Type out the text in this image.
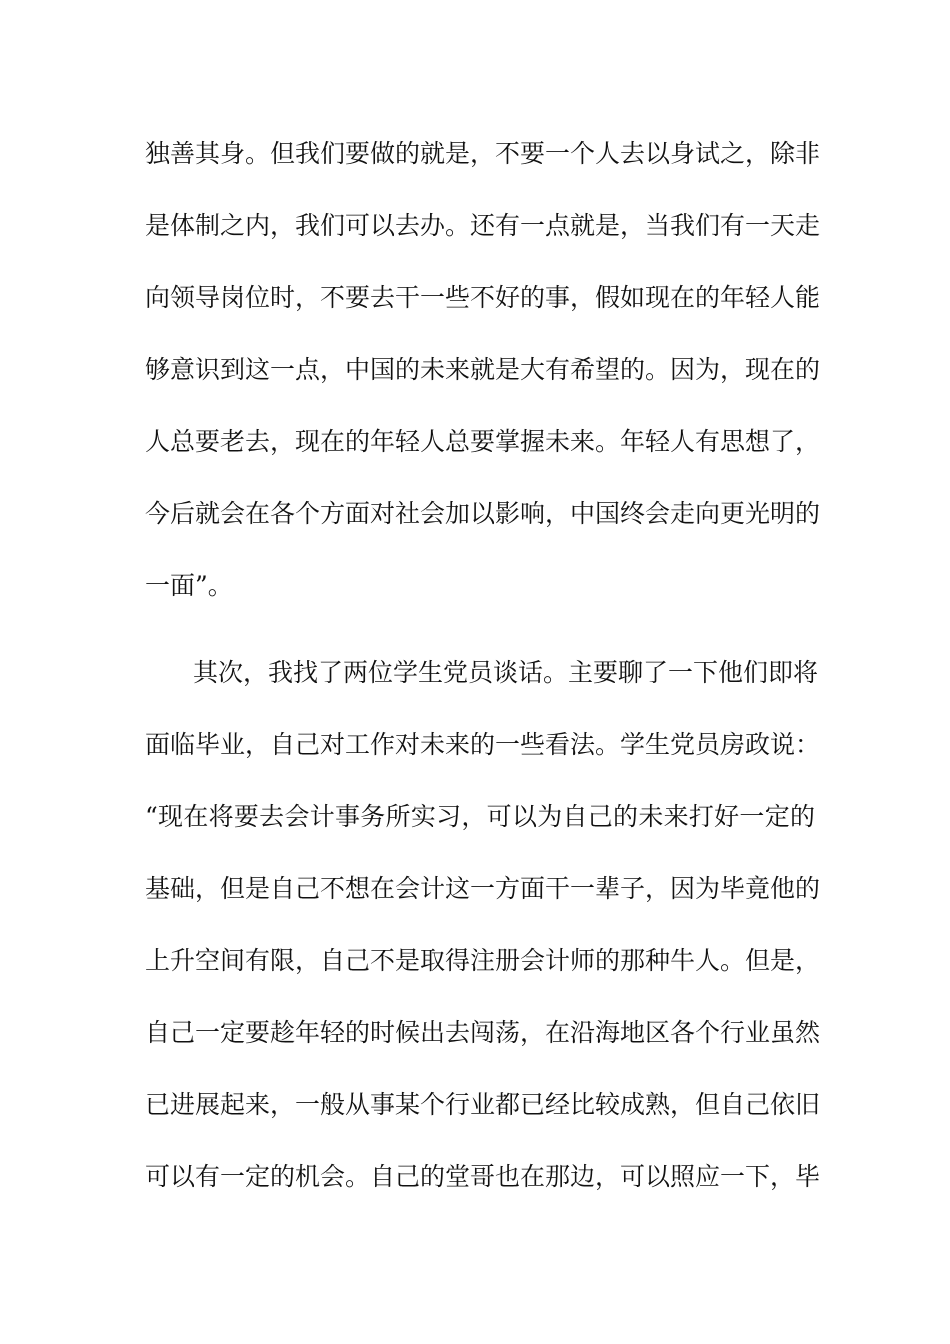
独善其身。但我们要做的就是，不要一个人去以身试之，除非
是体制之内，我们可以去办。还有一点就是，当我们有一天走
向领导岗位时，不要去干一些不好的事，假如现在的年轻人能
够意识到这一点，中国的未来就是大有希望的。因为，现在的
人总要老去，现在的年轻人总要掌握未来。年轻人有思想了，
今后就会在各个方面对社会加以影响，中国终会走向更光明的
一面”。
其次，我找了两位学生党员谈话。主要聊了一下他们即将
面临毕业，自己对工作对未来的一些看法。学生党员房政说：
“现在将要去会计事务所实习，可以为自己的未来打好一定的
基础，但是自己不想在会计这一方面干一辈子，因为毕竟他的
上升空间有限，自己不是取得注册会计师的那种牛人。但是，
自己一定要趁年轻的时候出去闯荡，在沿海地区各个行业虽然
已进展起来，一般从事某个行业都已经比较成熟，但自己依旧
可以有一定的机会。自己的堂哥也在那边，可以照应一下，毕
